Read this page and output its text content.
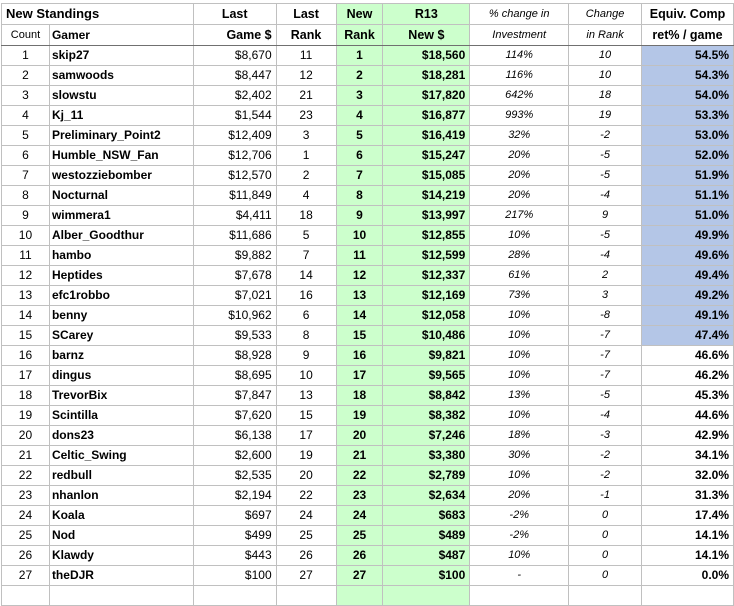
New Standings		Last	Last	New	R13	% change in	Change	Equiv. Comp
Count	Gamer	Game $	Rank	Rank	New $	Investment	in Rank	ret% / game
1	skip27	$8,670	11	1	$18,560	114%	10	54.5%
2	samwoods	$8,447	12	2	$18,281	116%	10	54.3%
3	slowstu	$2,402	21	3	$17,820	642%	18	54.0%
4	Kj_11	$1,544	23	4	$16,877	993%	19	53.3%
5	Preliminary_Point2	$12,409	3	5	$16,419	32%	-2	53.0%
6	Humble_NSW_Fan	$12,706	1	6	$15,247	20%	-5	52.0%
7	westozziebomber	$12,570	2	7	$15,085	20%	-5	51.9%
8	Nocturnal	$11,849	4	8	$14,219	20%	-4	51.1%
9	wimmera1	$4,411	18	9	$13,997	217%	9	51.0%
10	Alber_Goodthur	$11,686	5	10	$12,855	10%	-5	49.9%
11	hambo	$9,882	7	11	$12,599	28%	-4	49.6%
12	Heptides	$7,678	14	12	$12,337	61%	2	49.4%
13	efc1robbo	$7,021	16	13	$12,169	73%	3	49.2%
14	benny	$10,962	6	14	$12,058	10%	-8	49.1%
15	SCarey	$9,533	8	15	$10,486	10%	-7	47.4%
16	barnz	$8,928	9	16	$9,821	10%	-7	46.6%
17	dingus	$8,695	10	17	$9,565	10%	-7	46.2%
18	TrevorBix	$7,847	13	18	$8,842	13%	-5	45.3%
19	Scintilla	$7,620	15	19	$8,382	10%	-4	44.6%
20	dons23	$6,138	17	20	$7,246	18%	-3	42.9%
21	Celtic_Swing	$2,600	19	21	$3,380	30%	-2	34.1%
22	redbull	$2,535	20	22	$2,789	10%	-2	32.0%
23	nhanlon	$2,194	22	23	$2,634	20%	-1	31.3%
24	Koala	$697	24	24	$683	-2%	0	17.4%
25	Nod	$499	25	25	$489	-2%	0	14.1%
26	Klawdy	$443	26	26	$487	10%	0	14.1%
27	theDJR	$100	27	27	$100	-	0	0.0%
